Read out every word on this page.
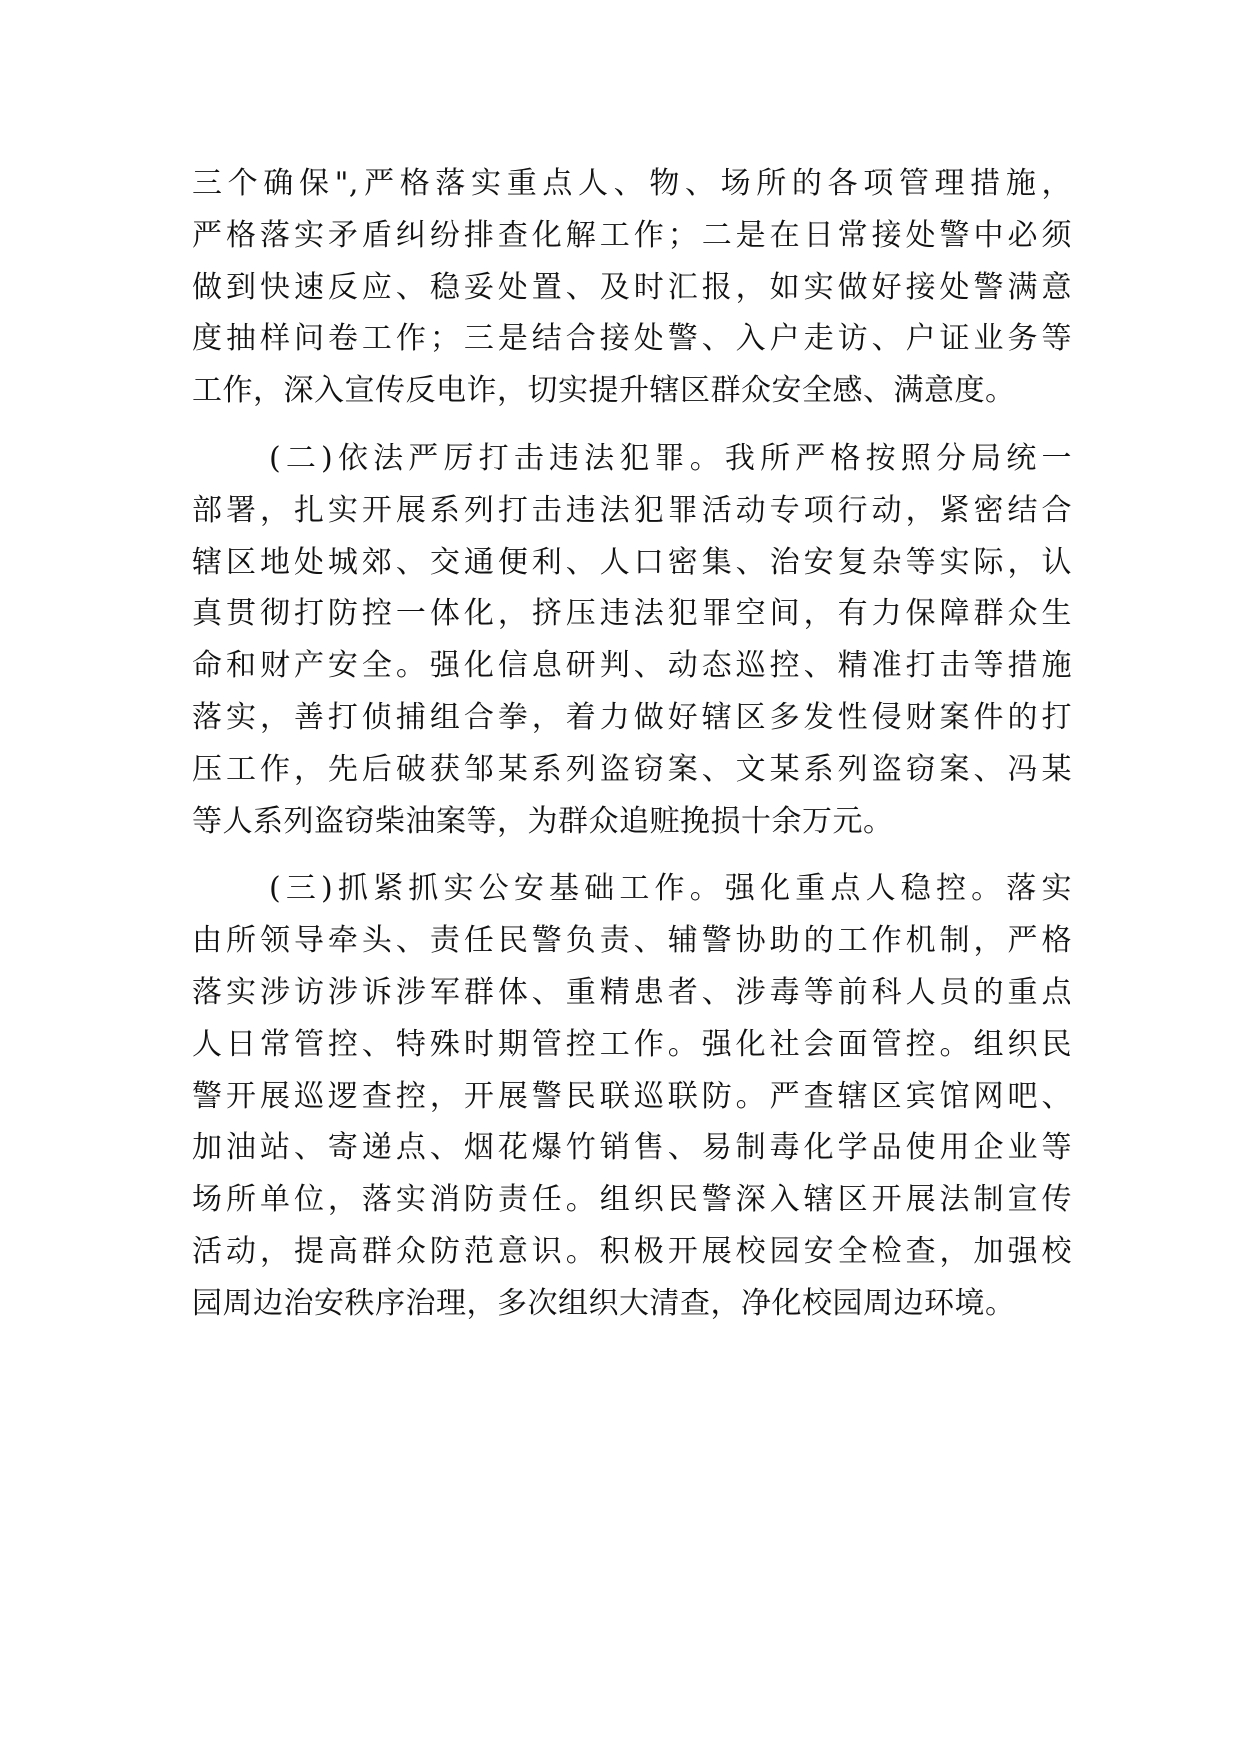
三个确保",严格落实重点人、物、场所的各项管理措施，
严格落实矛盾纠纷排查化解工作；二是在日常接处警中必须
做到快速反应、稳妥处置、及时汇报，如实做好接处警满意
度抽样问卷工作；三是结合接处警、入户走访、户证业务等
工作，深入宣传反电诈，切实提升辖区群众安全感、满意度。
(二)依法严厉打击违法犯罪。我所严格按照分局统一
部署，扎实开展系列打击违法犯罪活动专项行动，紧密结合
辖区地处城郊、交通便利、人口密集、治安复杂等实际，认
真贯彻打防控一体化，挤压违法犯罪空间，有力保障群众生
命和财产安全。强化信息研判、动态巡控、精准打击等措施
落实，善打侦捕组合拳，着力做好辖区多发性侵财案件的打
压工作，先后破获邹某系列盗窃案、文某系列盗窃案、冯某
等人系列盗窃柴油案等，为群众追赃挽损十余万元。
(三)抓紧抓实公安基础工作。强化重点人稳控。落实
由所领导牵头、责任民警负责、辅警协助的工作机制，严格
落实涉访涉诉涉军群体、重精患者、涉毒等前科人员的重点
人日常管控、特殊时期管控工作。强化社会面管控。组织民
警开展巡逻查控，开展警民联巡联防。严查辖区宾馆网吧、
加油站、寄递点、烟花爆竹销售、易制毒化学品使用企业等
场所单位，落实消防责任。组织民警深入辖区开展法制宣传
活动，提高群众防范意识。积极开展校园安全检查，加强校
园周边治安秩序治理，多次组织大清查，净化校园周边环境。
